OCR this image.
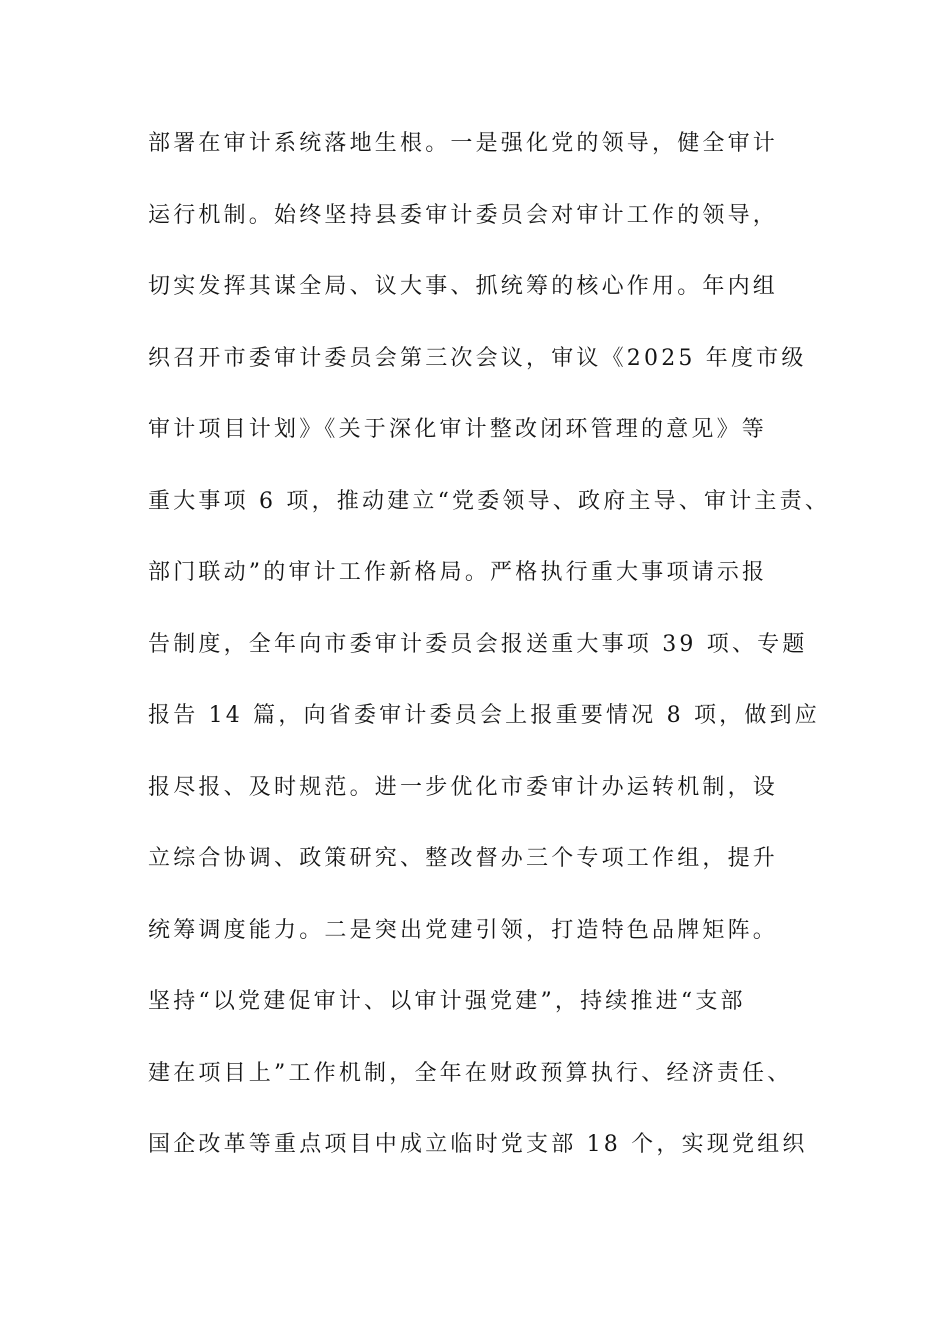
部署在审计系统落地生根。一是强化党的领导，健全审计
运行机制。始终坚持县委审计委员会对审计工作的领导，
切实发挥其谋全局、议大事、抓统筹的核心作用。年内组
织召开市委审计委员会第三次会议，审议《2025 年度市级
审计项目计划》《关于深化审计整改闭环管理的意见》等
重大事项 6 项，推动建立“党委领导、政府主导、审计主责、
部门联动”的审计工作新格局。严格执行重大事项请示报
告制度，全年向市委审计委员会报送重大事项 39 项、专题
报告 14 篇，向省委审计委员会上报重要情况 8 项，做到应
报尽报、及时规范。进一步优化市委审计办运转机制，设
立综合协调、政策研究、整改督办三个专项工作组，提升
统筹调度能力。二是突出党建引领，打造特色品牌矩阵。
坚持“以党建促审计、以审计强党建”，持续推进“支部
建在项目上”工作机制，全年在财政预算执行、经济责任、
国企改革等重点项目中成立临时党支部 18 个，实现党组织
